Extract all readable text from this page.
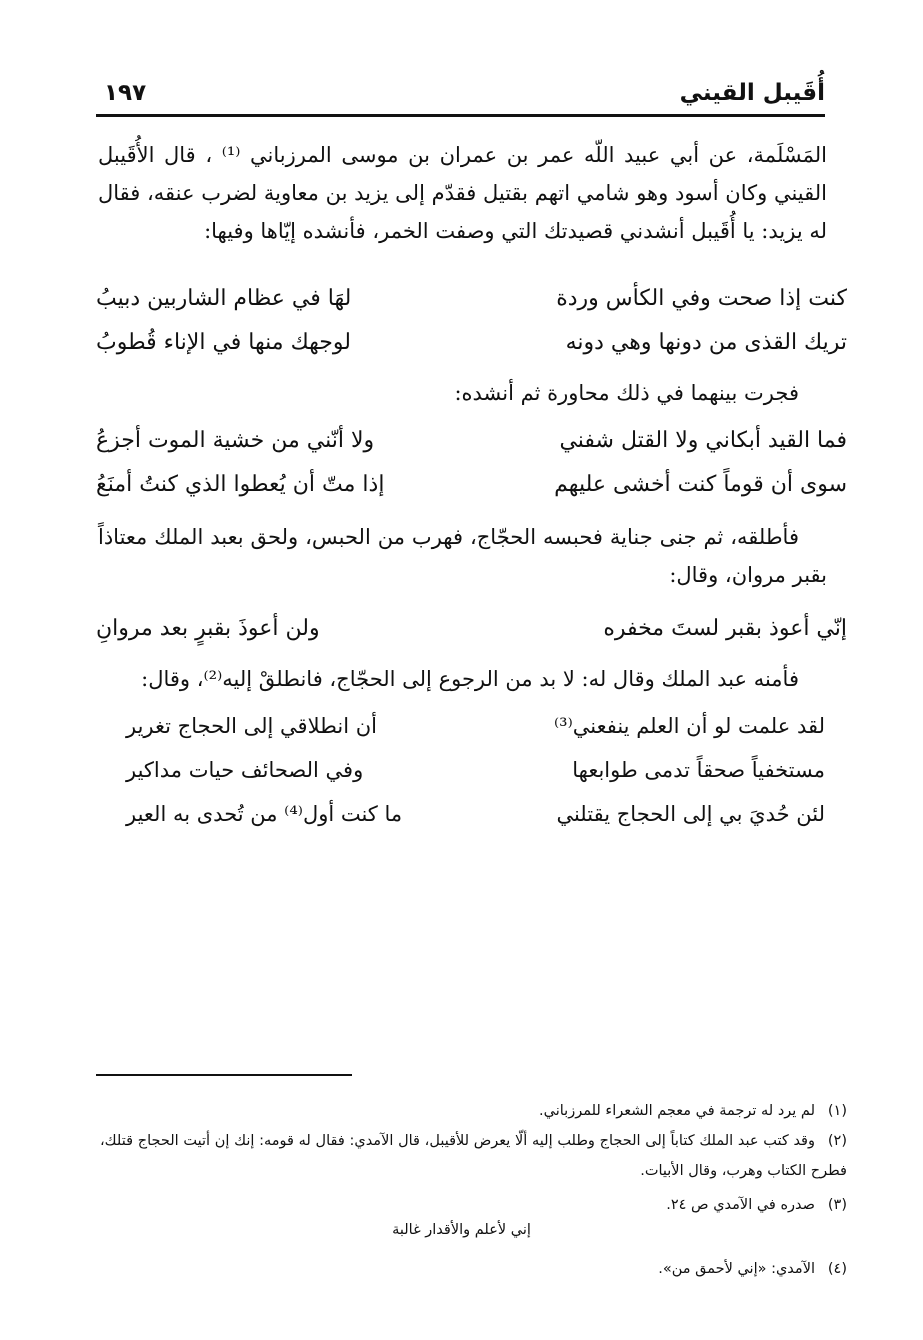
أُقَيبل القيني
١٩٧

المَسْلَمة، عن أبي عبيد اللّه عمر بن عمران بن موسى المرزباني ⁽¹⁾ ، قال الأُقَيبل القيني وكان أسود وهو شامي اتهم بقتيل فقدّم إلى يزيد بن معاوية لضرب عنقه، فقال له يزيد: يا أُقَيبل أنشدني قصيدتك التي وصفت الخمر، فأنشده إيّاها وفيها:

كنت إذا صحت وفي الكأس وردة
لهَا في عظام الشاربين دبيبُ
تريك القذى من دونها وهي دونه
لوجهك منها في الإناء قُطوبُ

فجرت بينهما في ذلك محاورة ثم أنشده:

فما القيد أبكاني ولا القتل شفني
ولا أنّني من خشية الموت أجزعُ
سوى أن قوماً كنت أخشى عليهم
إذا متّ أن يُعطوا الذي كنتُ أمنَعُ

فأطلقه، ثم جنى جناية فحبسه الحجّاج، فهرب من الحبس، ولحق بعبد الملك معتاذاً بقبر مروان، وقال:

إنّي أعوذ بقبر لستَ مخفره
ولن أعوذَ بقبرٍ بعد مروانِ

فأمنه عبد الملك وقال له: لا بد من الرجوع إلى الحجّاج، فانطلقْ إليه⁽²⁾، وقال:

لقد علمت لو أن العلم ينفعني⁽³⁾
أن انطلاقي إلى الحجاج تغرير
مستخفياً صحقاً تدمى طوابعها
وفي الصحائف حيات مداكير
لئن حُديَ بي إلى الحجاج يقتلني
ما كنت أول⁽⁴⁾ من تُحدى به العير

(١)لم يرد له ترجمة في معجم الشعراء للمرزباني.

(٢)وقد كتب عبد الملك كتاباً إلى الحجاج وطلب إليه ألّا يعرض للأقيبل، قال الآمدي: فقال له قومه: إنك إن أتيت الحجاج قتلك، فطرح الكتاب وهرب، وقال الأبيات.

(٣)صدره في الآمدي ص ٢٤.

إني لأعلم والأقدار غالبة

(٤)الآمدي: «إني لأحمق من».
